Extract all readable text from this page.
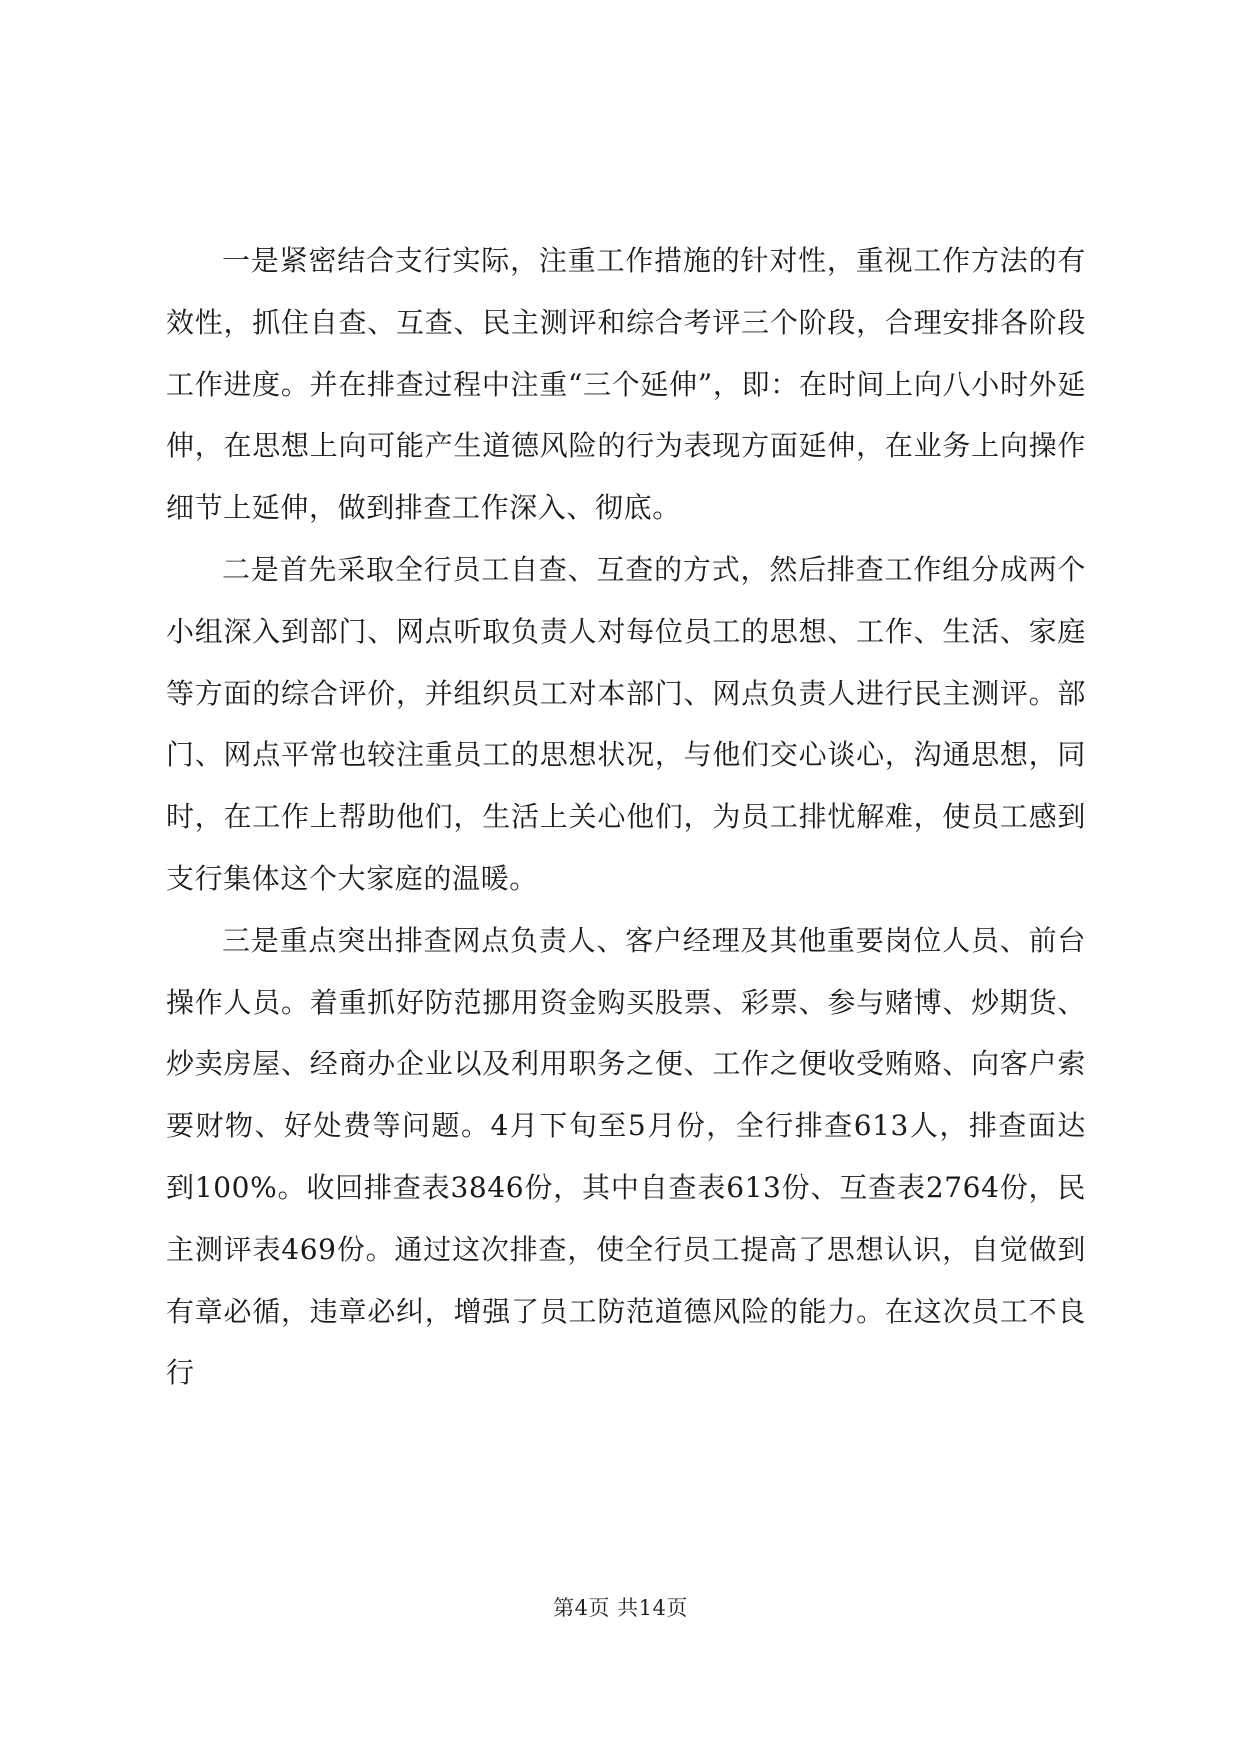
一是紧密结合支行实际，注重工作措施的针对性，重视工作方法的有效性，抓住自查、互查、民主测评和综合考评三个阶段，合理安排各阶段工作进度。并在排查过程中注重“三个延伸”，即：在时间上向八小时外延伸，在思想上向可能产生道德风险的行为表现方面延伸，在业务上向操作细节上延伸，做到排查工作深入、彻底。

二是首先采取全行员工自查、互查的方式，然后排查工作组分成两个小组深入到部门、网点听取负责人对每位员工的思想、工作、生活、家庭等方面的综合评价，并组织员工对本部门、网点负责人进行民主测评。部门、网点平常也较注重员工的思想状况，与他们交心谈心，沟通思想，同时，在工作上帮助他们，生活上关心他们，为员工排忧解难，使员工感到支行集体这个大家庭的温暖。

三是重点突出排查网点负责人、客户经理及其他重要岗位人员、前台操作人员。着重抓好防范挪用资金购买股票、彩票、参与赌博、炒期货、炒卖房屋、经商办企业以及利用职务之便、工作之便收受贿赂、向客户索要财物、好处费等问题。4月下旬至5月份，全行排查613人，排查面达到100%。收回排查表3846份，其中自查表613份、互查表2764份，民主测评表469份。通过这次排查，使全行员工提高了思想认识，自觉做到有章必循，违章必纠，增强了员工防范道德风险的能力。在这次员工不良行

第4页 共14页
